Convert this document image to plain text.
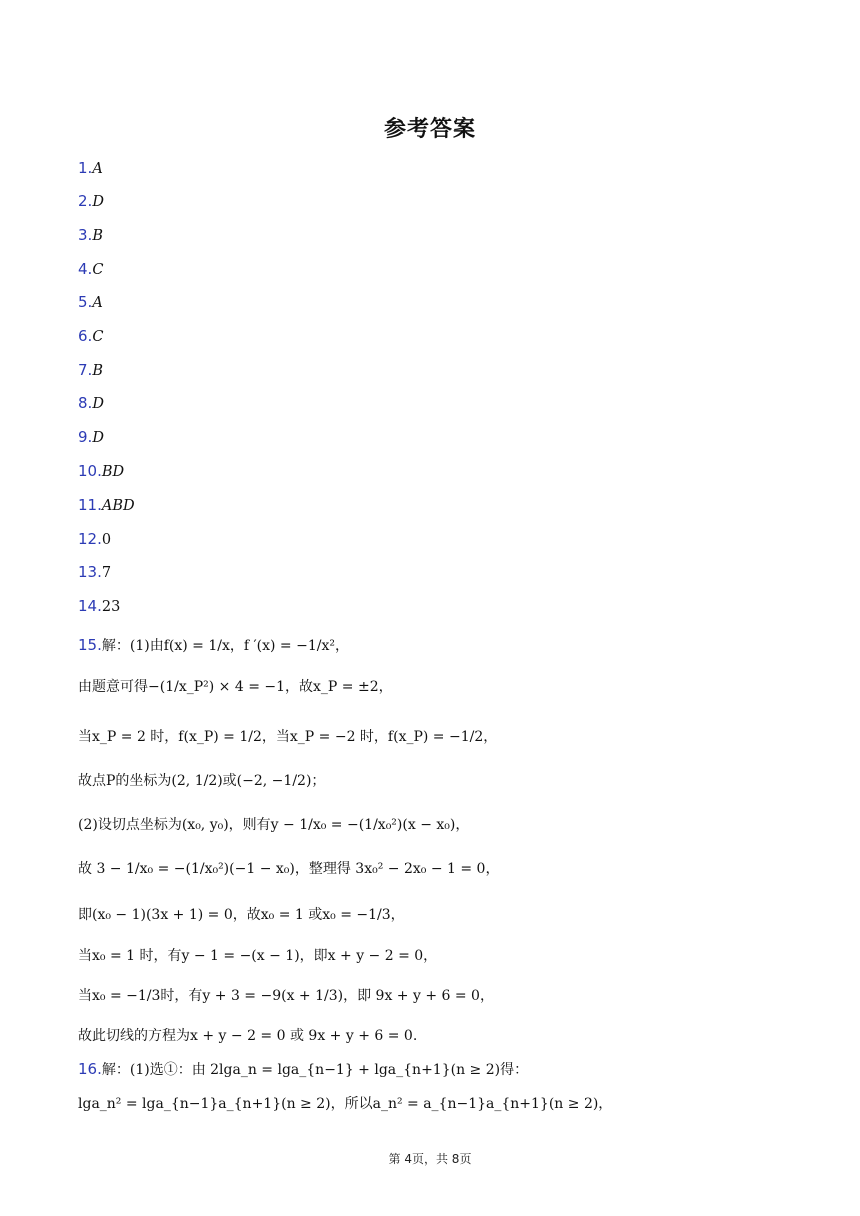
参考答案
1.A
2.D
3.B
4.C
5.A
6.C
7.B
8.D
9.D
10.BD
11.ABD
12.0
13.7
14.23
15.解：(1)由f(x) = 1/x，f ′(x) = −1/x²，
由题意可得−(1/x_P²) × 4 = −1，故x_P = ±2，
当x_P = 2 时，f(x_P) = 1/2，当x_P = −2 时，f(x_P) = −1/2，
故点P的坐标为(2, 1/2)或(−2, −1/2)；
(2)设切点坐标为(x₀, y₀)，则有y − 1/x₀ = −(1/x₀²)(x − x₀)，
故 3 − 1/x₀ = −(1/x₀²)(−1 − x₀)，整理得 3x₀² − 2x₀ − 1 = 0，
即(x₀ − 1)(3x + 1) = 0，故x₀ = 1 或x₀ = −1/3，
当x₀ = 1 时，有y − 1 = −(x − 1)，即x + y − 2 = 0，
当x₀ = −1/3时，有y + 3 = −9(x + 1/3)，即 9x + y + 6 = 0，
故此切线的方程为x + y − 2 = 0 或 9x + y + 6 = 0.
16.解：(1)选①：由 2lga_n = lga_{n−1} + lga_{n+1}(n ≥ 2)得：
lga_n² = lga_{n−1}a_{n+1}(n ≥ 2)，所以a_n² = a_{n−1}a_{n+1}(n ≥ 2)，
第 4页，共 8页
